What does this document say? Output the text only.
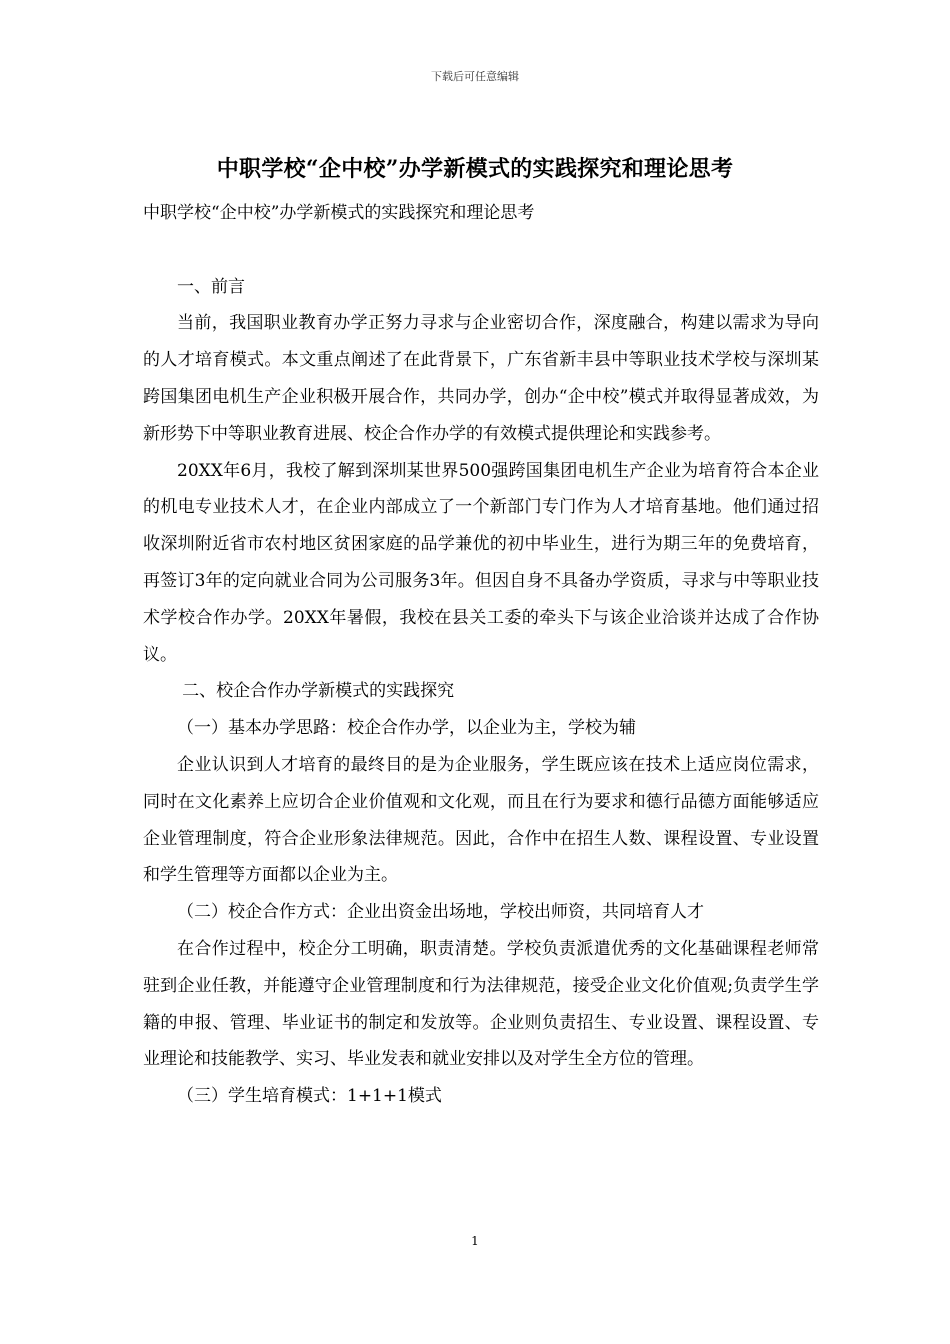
下载后可任意编辑
中职学校“企中校”办学新模式的实践探究和理论思考

中职学校“企中校”办学新模式的实践探究和理论思考

一、前言

当前，我国职业教育办学正努力寻求与企业密切合作，深度融合，构建以需求为导向的人才培育模式。本文重点阐述了在此背景下，广东省新丰县中等职业技术学校与深圳某跨国集团电机生产企业积极开展合作，共同办学，创办“企中校”模式并取得显著成效，为新形势下中等职业教育进展、校企合作办学的有效模式提供理论和实践参考。

20XX年6月，我校了解到深圳某世界500强跨国集团电机生产企业为培育符合本企业的机电专业技术人才，在企业内部成立了一个新部门专门作为人才培育基地。他们通过招收深圳附近省市农村地区贫困家庭的品学兼优的初中毕业生，进行为期三年的免费培育，再签订3年的定向就业合同为公司服务3年。但因自身不具备办学资质，寻求与中等职业技术学校合作办学。20XX年暑假，我校在县关工委的牵头下与该企业洽谈并达成了合作协议。

二、校企合作办学新模式的实践探究

（一）基本办学思路：校企合作办学，以企业为主，学校为辅

企业认识到人才培育的最终目的是为企业服务，学生既应该在技术上适应岗位需求，同时在文化素养上应切合企业价值观和文化观，而且在行为要求和德行品德方面能够适应企业管理制度，符合企业形象法律规范。因此，合作中在招生人数、课程设置、专业设置和学生管理等方面都以企业为主。

（二）校企合作方式：企业出资金出场地，学校出师资，共同培育人才

在合作过程中，校企分工明确，职责清楚。学校负责派遣优秀的文化基础课程老师常驻到企业任教，并能遵守企业管理制度和行为法律规范，接受企业文化价值观;负责学生学籍的申报、管理、毕业证书的制定和发放等。企业则负责招生、专业设置、课程设置、专业理论和技能教学、实习、毕业发表和就业安排以及对学生全方位的管理。

（三）学生培育模式：1+1+1模式

1
